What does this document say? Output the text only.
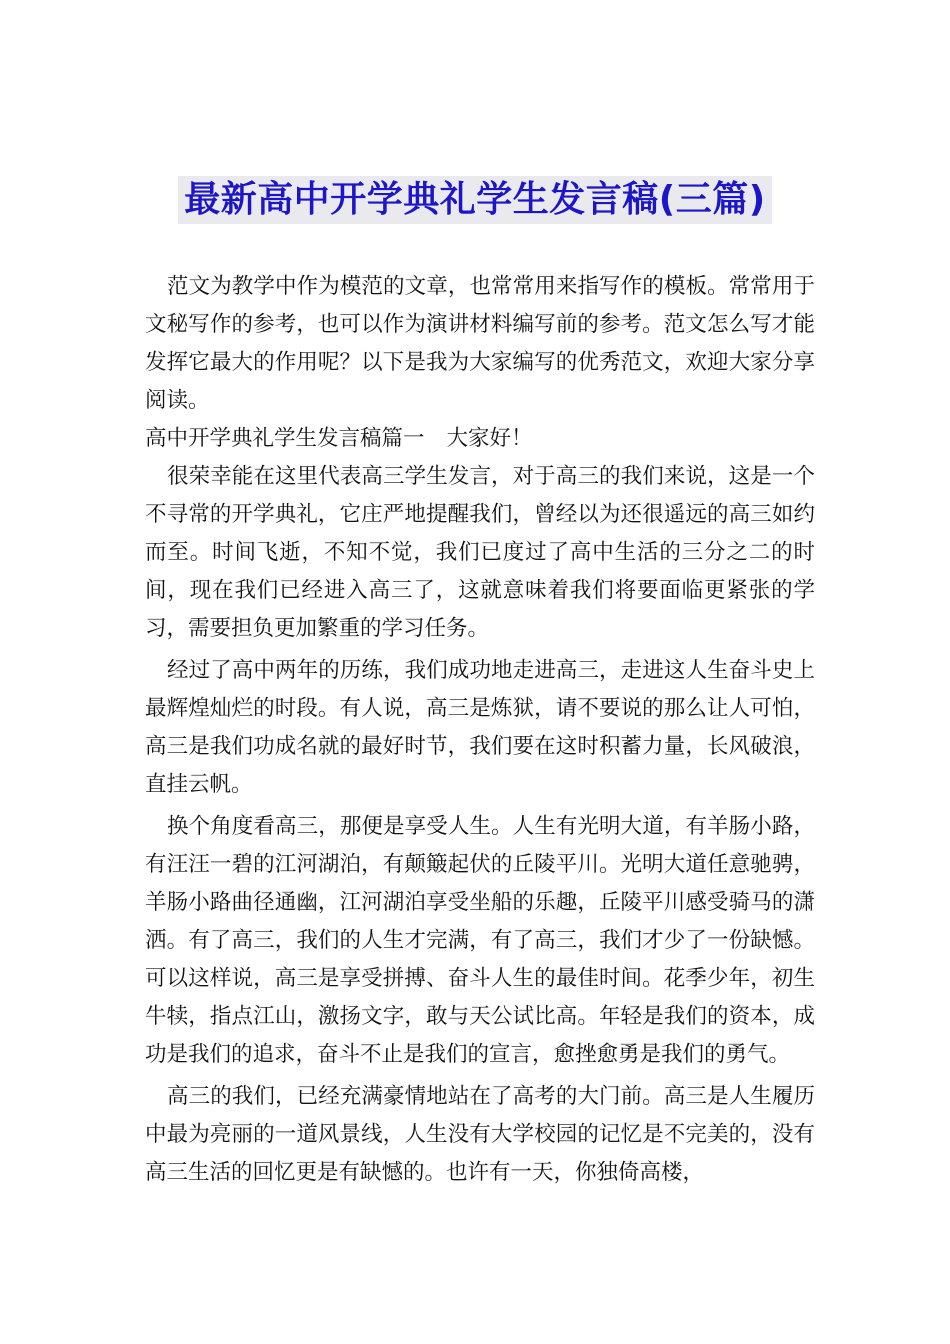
最新高中开学典礼学生发言稿(三篇)

范文为教学中作为模范的文章，也常常用来指写作的模板。常常用于文秘写作的参考，也可以作为演讲材料编写前的参考。范文怎么写才能发挥它最大的作用呢？以下是我为大家编写的优秀范文，欢迎大家分享阅读。

高中开学典礼学生发言稿篇一 大家好！

很荣幸能在这里代表高三学生发言，对于高三的我们来说，这是一个不寻常的开学典礼，它庄严地提醒我们，曾经以为还很遥远的高三如约而至。时间飞逝，不知不觉，我们已度过了高中生活的三分之二的时间，现在我们已经进入高三了，这就意味着我们将要面临更紧张的学习，需要担负更加繁重的学习任务。

经过了高中两年的历练，我们成功地走进高三，走进这人生奋斗史上最辉煌灿烂的时段。有人说，高三是炼狱，请不要说的那么让人可怕，高三是我们功成名就的最好时节，我们要在这时积蓄力量，长风破浪，直挂云帆。

换个角度看高三，那便是享受人生。人生有光明大道，有羊肠小路，有汪汪一碧的江河湖泊，有颠簸起伏的丘陵平川。光明大道任意驰骋，羊肠小路曲径通幽，江河湖泊享受坐船的乐趣，丘陵平川感受骑马的潇洒。有了高三，我们的人生才完满，有了高三，我们才少了一份缺憾。可以这样说，高三是享受拼搏、奋斗人生的最佳时间。花季少年，初生牛犊，指点江山，激扬文字，敢与天公试比高。年轻是我们的资本，成功是我们的追求，奋斗不止是我们的宣言，愈挫愈勇是我们的勇气。

高三的我们，已经充满豪情地站在了高考的大门前。高三是人生履历中最为亮丽的一道风景线，人生没有大学校园的记忆是不完美的，没有高三生活的回忆更是有缺憾的。也许有一天，你独倚高楼，
